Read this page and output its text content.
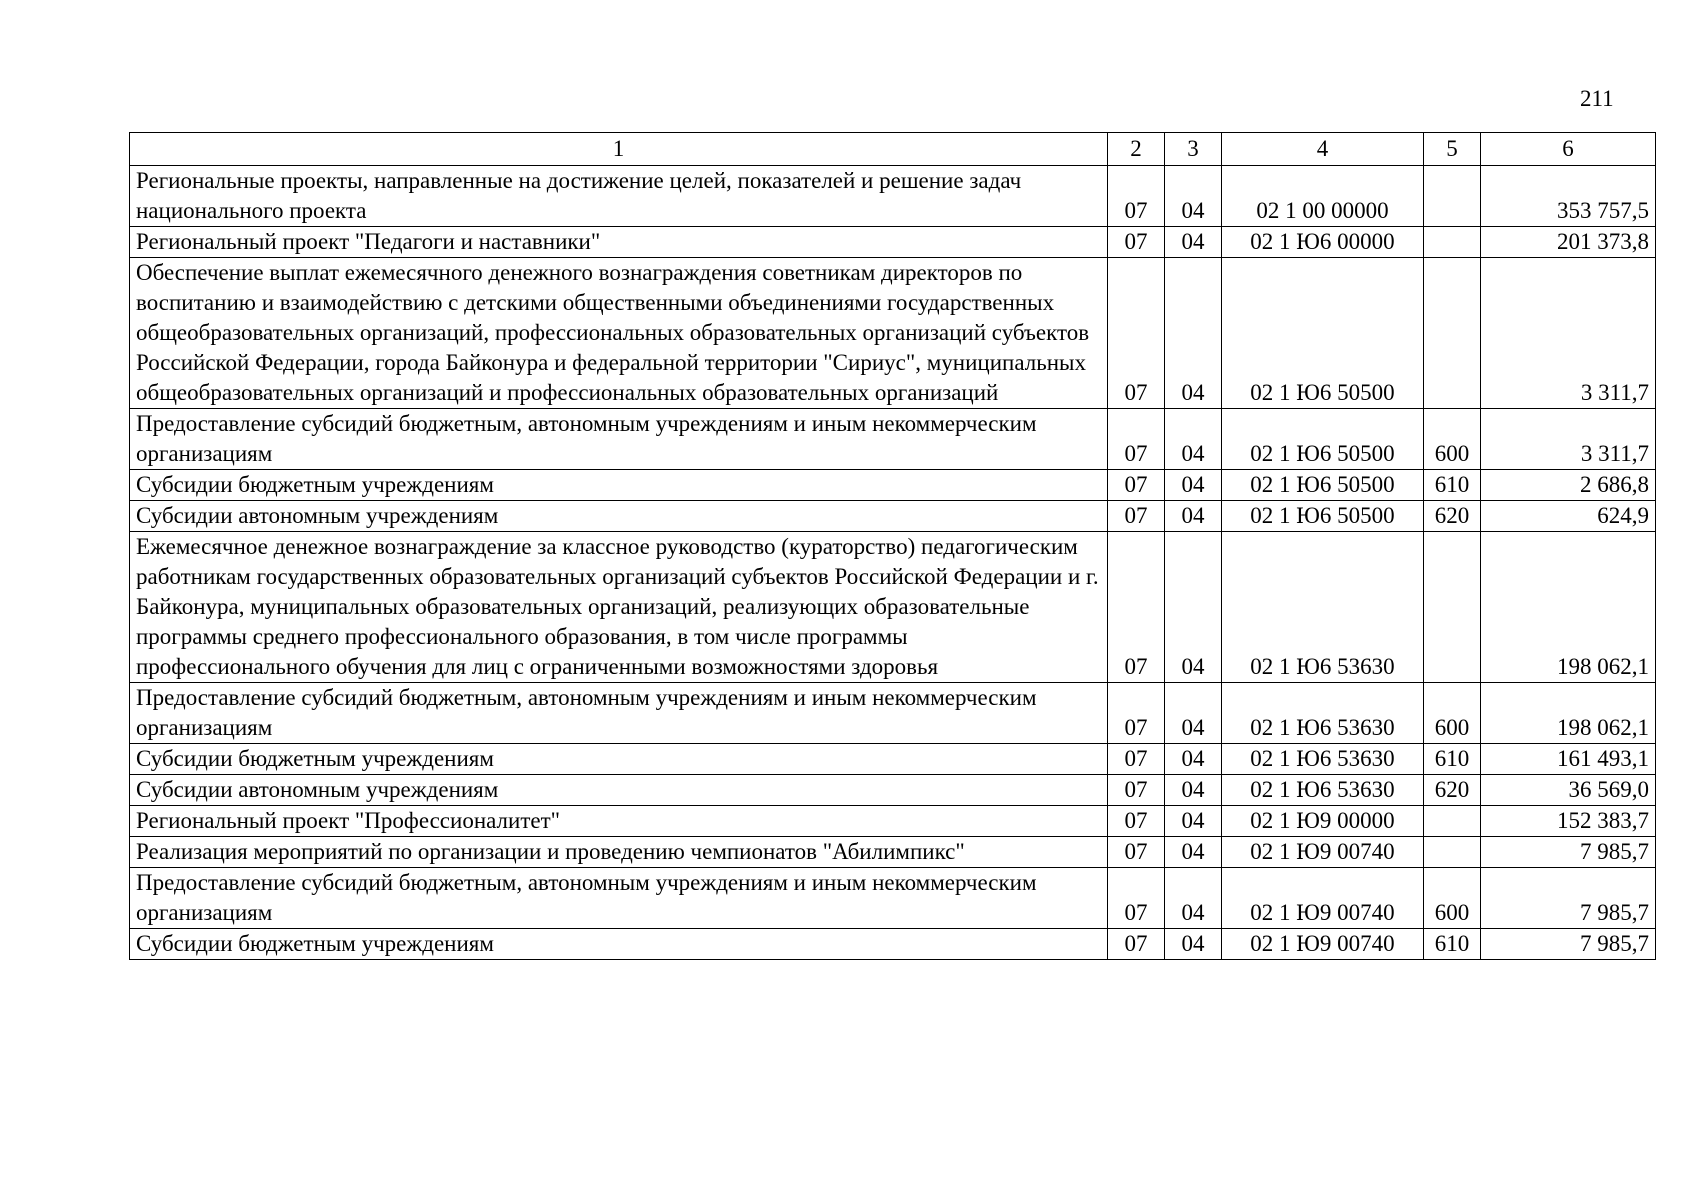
211
1	2	3	4	5	6
Региональные проекты, направленные на достижение целей, показателей и решение задач национального проекта	07	04	02 1 00 00000		353 757,5
Региональный проект "Педагоги и наставники"	07	04	02 1 Ю6 00000		201 373,8
Обеспечение выплат ежемесячного денежного вознаграждения советникам директоров по воспитанию и взаимодействию с детскими общественными объединениями государственных общеобразовательных организаций, профессиональных образовательных организаций субъектов Российской Федерации, города Байконура и федеральной территории "Сириус", муниципальных общеобразовательных организаций и профессиональных образовательных организаций	07	04	02 1 Ю6 50500		3 311,7
Предоставление субсидий бюджетным, автономным учреждениям и иным некоммерческим организациям	07	04	02 1 Ю6 50500	600	3 311,7
Субсидии бюджетным учреждениям	07	04	02 1 Ю6 50500	610	2 686,8
Субсидии автономным учреждениям	07	04	02 1 Ю6 50500	620	624,9
Ежемесячное денежное вознаграждение за классное руководство (кураторство) педагогическим работникам государственных образовательных организаций субъектов Российской Федерации и г. Байконура, муниципальных образовательных организаций, реализующих образовательные программы среднего профессионального образования, в том числе программы профессионального обучения для лиц с ограниченными возможностями здоровья	07	04	02 1 Ю6 53630		198 062,1
Предоставление субсидий бюджетным, автономным учреждениям и иным некоммерческим организациям	07	04	02 1 Ю6 53630	600	198 062,1
Субсидии бюджетным учреждениям	07	04	02 1 Ю6 53630	610	161 493,1
Субсидии автономным учреждениям	07	04	02 1 Ю6 53630	620	36 569,0
Региональный проект "Профессионалитет"	07	04	02 1 Ю9 00000		152 383,7
Реализация мероприятий по организации и проведению чемпионатов "Абилимпикс"	07	04	02 1 Ю9 00740		7 985,7
Предоставление субсидий бюджетным, автономным учреждениям и иным некоммерческим организациям	07	04	02 1 Ю9 00740	600	7 985,7
Субсидии бюджетным учреждениям	07	04	02 1 Ю9 00740	610	7 985,7
